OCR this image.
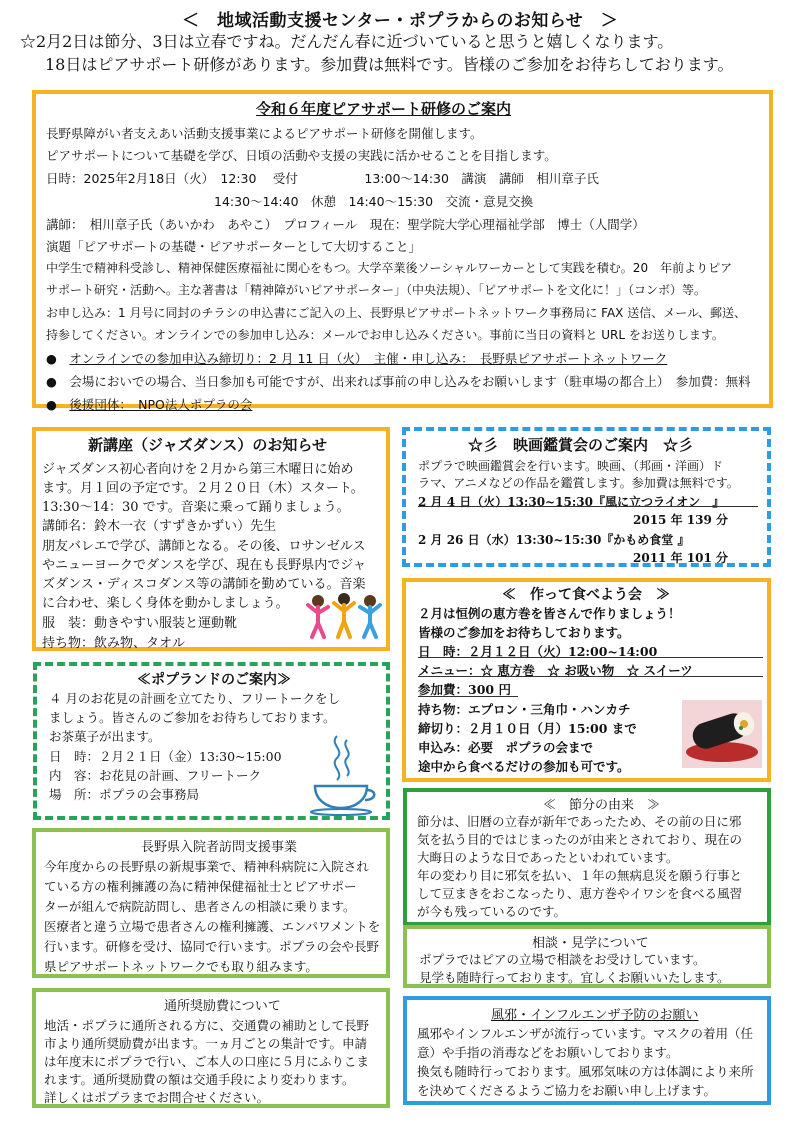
＜　地域活動支援センター・ポプラからのお知らせ　＞
☆2月2日は節分、3日は立春ですね。だんだん春に近づいていると思うと嬉しくなります。
18日はピアサポート研修があります。参加費は無料です。皆様のご参加をお待ちしております。
令和６年度ピアサポート研修のご案内
長野県障がい者支えあい活動支援事業によるピアサポート研修を開催します。
ピアサポートについて基礎を学び、日頃の活動や支援の実践に活かせることを目指します。
日時：2025年2月18日（火）　12:30　 受付　　　　　 13:00～14:30　講演　講師　相川章子氏
14:30～14:40　休憩　14:40～15:30　交流・意見交換
講師：　相川章子氏（あいかわ　あやこ）　プロフィール　現在：聖学院大学心理福祉学部　博士（人間学）
演題「ピアサポートの基礎・ピアサポーターとして大切すること」
中学生で精神科受診し、精神保健医療福祉に関心をもつ。大学卒業後ソーシャルワーカーとして実践を積む。20　年前よりピア
サポート研究・活動へ。主な著書は「精神障がいピアサポーター」（中央法規）、「ピアサポートを文化に！」（コンボ）等。
お申し込み：1 月号に同封のチラシの申込書にご記入の上、長野県ピアサポートネットワーク事務局に FAX 送信、メール、郵送、
持参してください。オンラインでの参加申し込み：メールでお申し込みください。事前に当日の資料と URL をお送りします。
●　オンラインでの参加申込み締切り：2 月 11 日（火）　主催・申し込み：　長野県ピアサポートネットワーク
●　会場においでの場合、当日参加も可能ですが、出来れば事前の申し込みをお願いします（駐車場の都合上）　参加費：無料
●　後援団体：　NPO法人ポプラの会
新講座（ジャズダンス）のお知らせ
ジャズダンス初心者向けを２月から第三木曜日に始め
ます。月１回の予定です。２月２０日（木）スタート。
13:30～14：30 です。音楽に乗って踊りましょう。
講師名：鈴木一衣（すずきかずい）先生
朋友バレエで学び、講師となる。その後、ロサンゼルス
やニューヨークでダンスを学び、現在も長野県内でジャ
ズダンス・ディスコダンス等の講師を勤めている。音楽
に合わせ、楽しく身体を動かしましょう。
服　装：動きやすい服装と運動靴
持ち物：飲み物、タオル
☆彡　映画鑑賞会のご案内　☆彡
ポプラで映画鑑賞会を行います。映画、（邦画・洋画）ド
ラマ、アニメなどの作品を鑑賞します。参加費は無料です。
2 月 4 日（火）13:30~15:30『風に立つライオン　』
2015 年 139 分
2 月 26 日（水）13:30~15:30『かもめ食堂 』
2011 年 101 分
≪　作って食べよう会　≫
２月は恒例の恵方巻を皆さんで作りましょう！
皆様のご参加をお待ちしております。
日　時：２月１２日（火）12:00~14:00
メニュー：☆ 恵方巻　☆ お吸い物　☆ スイーツ
参加費：300 円
持ち物：エプロン・三角巾・ハンカチ
締切り：２月１０日（月）15:00 まで
申込み：必要　ポプラの会まで
途中から食べるだけの参加も可です。
≪ポプランドのご案内≫
４ 月のお花見の計画を立てたり、フリートークをし
ましょう。皆さんのご参加をお待ちしております。
お茶菓子が出ます。
日　時：２月２１日（金）13:30~15:00
内　容：お花見の計画、フリートーク
場　所：ポプラの会事務局
≪　節分の由来　≫
節分は、旧暦の立春が新年であったため、その前の日に邪
気を払う目的ではじまったのが由来とされており、現在の
大晦日のような日であったといわれています。
年の変わり目に邪気を払い、１年の無病息災を願う行事と
して豆まきをおこなったり、恵方巻やイワシを食べる風習
が今も残っているのです。
長野県入院者訪問支援事業
今年度からの長野県の新規事業で、精神科病院に入院され
ている方の権利擁護の為に精神保健福祉士とピアサポー
ターが組んで病院訪問し、患者さんの相談に乗ります。
医療者と違う立場で患者さんの権利擁護、エンパワメントを
行います。研修を受け、協同で行います。ポプラの会や長野
県ピアサポートネットワークでも取り組みます。
相談・見学について
ポプラではピアの立場で相談をお受けしています。
見学も随時行っております。宜しくお願いいたします。
通所奨励費について
地活・ポプラに通所される方に、交通費の補助として長野
市より通所奨励費が出ます。一ヵ月ごとの集計です。申請
は年度末にポプラで行い、ご本人の口座に５月にふりこま
れます。通所奨励費の額は交通手段により変わります。
詳しくはポプラまでお問合せください。
風邪・インフルエンザ予防のお願い
風邪やインフルエンザが流行っています。マスクの着用（任
意）や手指の消毒などをお願いしております。
換気も随時行っております。風邪気味の方は体調により来所
を決めてくださるようご協力をお願い申し上げます。
